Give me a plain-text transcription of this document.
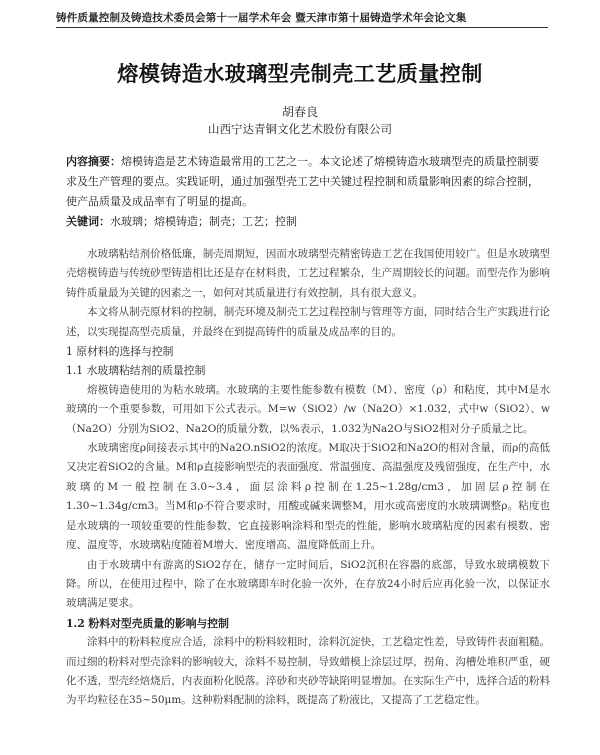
铸件质量控制及铸造技术委员会第十一届学术年会 暨天津市第十届铸造学术年会论文集
熔模铸造水玻璃型壳制壳工艺质量控制
胡春良
山西宁达青铜文化艺术股份有限公司
内容摘要：熔模铸造是艺术铸造最常用的工艺之一。本文论述了熔模铸造水玻璃型壳的质量控制要求及生产管理的要点。实践证明，通过加强型壳工艺中关键过程控制和质量影响因素的综合控制，使产品质量及成品率有了明显的提高。
关键词：水玻璃；熔模铸造；制壳；工艺；控制

水玻璃粘结剂价格低廉，制壳周期短，因而水玻璃型壳精密铸造工艺在我国使用较广。但是水玻璃型壳熔模铸造与传统砂型铸造相比还是存在材料贵，工艺过程繁杂，生产周期较长的问题。而型壳作为影响铸件质量最为关键的因素之一，如何对其质量进行有效控制，具有很大意义。

本文将从制壳原材料的控制，制壳环境及制壳工艺过程控制与管理等方面，同时结合生产实践进行论述，以实现提高型壳质量，并最终在到提高铸件的质量及成品率的目的。

1 原材料的选择与控制
1.1 水玻璃粘结剂的质量控制

熔模铸造使用的为粘水玻璃。水玻璃的主要性能参数有模数（M）、密度（ρ）和粘度，其中M是水玻璃的一个重要参数，可用如下公式表示。M=w（SiO2）/w（Na2O）×1.032，式中w（SiO2）、w（Na2O）分别为SiO2、Na2O的质量分数，以%表示，1.032为Na2O与SiO2相对分子质量之比。

水玻璃密度ρ间接表示其中的Na2O.nSiO2的浓度。M取决于SiO2和Na2O的相对含量，而ρ的高低又决定着SiO2的含量。M和ρ直接影响型壳的表面强度、常温强度、高温强度及残留强度，在生产中，水玻璃的M一般控制在3.0~3.4，面层涂料ρ控制在1.25~1.28g/cm3，加固层ρ控制在1.30~1.34g/cm3。当M和ρ不符合要求时，用酸或碱来调整M，用水或高密度的水玻璃调整ρ。粘度也是水玻璃的一项较重要的性能参数，它直接影响涂料和型壳的性能，影响水玻璃粘度的因素有模数、密度、温度等，水玻璃粘度随着M增大、密度增高、温度降低而上升。

由于水玻璃中有游离的SiO2存在，储存一定时间后，SiO2沉积在容器的底部，导致水玻璃模数下降。所以，在使用过程中，除了在水玻璃即车时化验一次外，在存放24小时后应再化验一次，以保证水玻璃满足要求。

1.2 粉料对型壳质量的影响与控制

涂料中的粉料粒度应合适，涂料中的粉料较粗时，涂料沉淀快，工艺稳定性差，导致铸件表面粗糙。而过细的粉料对型壳涂料的影响较大，涂料不易控制，导致蜡模上涂层过厚，拐角、沟槽处堆积严重，硬化不透，型壳经焙烧后，内表面粉化脱落。淬砂和夹砂等缺陷明显增加。在实际生产中，选择合适的粉料为平均粒径在35~50μm。这种粉料配制的涂料，既提高了粉液比，又提高了工艺稳定性。
